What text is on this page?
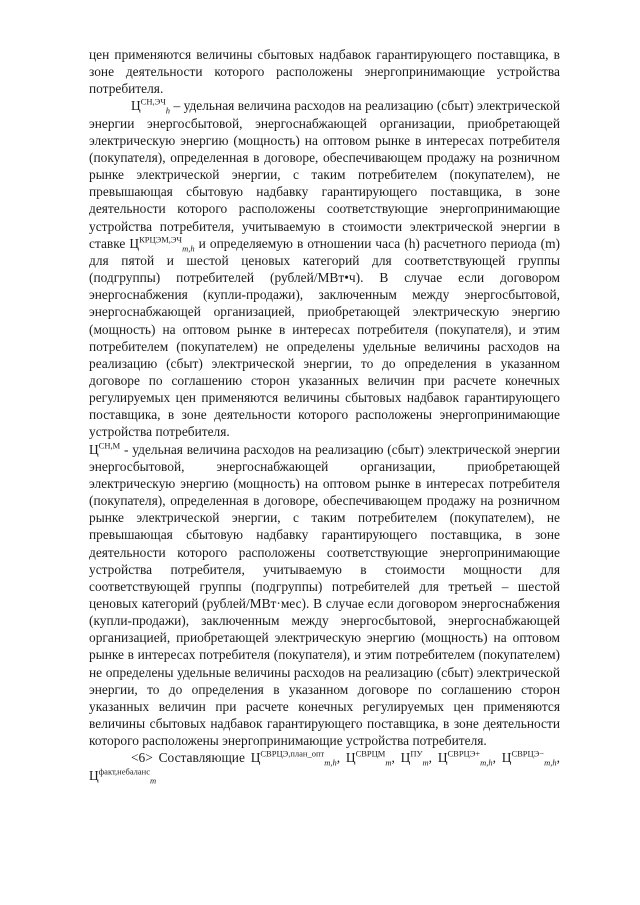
цен применяются величины сбытовых надбавок гарантирующего поставщика, в зоне деятельности которого расположены энергопринимающие устройства потребителя.

$Ц^{СН,ЭЧ}_h$ – удельная величина расходов на реализацию (сбыт) электрической энергии энергосбытовой, энергоснабжающей организации, приобретающей электрическую энергию (мощность) на оптовом рынке в интересах потребителя (покупателя), определенная в договоре, обеспечивающем продажу на розничном рынке электрической энергии, с таким потребителем (покупателем), не превышающая сбытовую надбавку гарантирующего поставщика, в зоне деятельности которого расположены соответствующие энергопринимающие устройства потребителя, учитываемую в стоимости электрической энергии в ставке $Ц^{КРЦЭМ,ЭЧ}_{m,h}$ и определяемую в отношении часа (h) расчетного периода (m) для пятой и шестой ценовых категорий для соответствующей группы (подгруппы) потребителей (рублей/МВт•ч). В случае если договором энергоснабжения (купли-продажи), заключенным между энергосбытовой, энергоснабжающей организацией, приобретающей электрическую энергию (мощность) на оптовом рынке в интересах потребителя (покупателя), и этим потребителем (покупателем) не определены удельные величины расходов на реализацию (сбыт) электрической энергии, то до определения в указанном договоре по соглашению сторон указанных величин при расчете конечных регулируемых цен применяются величины сбытовых надбавок гарантирующего поставщика, в зоне деятельности которого расположены энергопринимающие устройства потребителя.

$Ц^{СН,М}$ - удельная величина расходов на реализацию (сбыт) электрической энергии энергосбытовой, энергоснабжающей организации, приобретающей электрическую энергию (мощность) на оптовом рынке в интересах потребителя (покупателя), определенная в договоре, обеспечивающем продажу на розничном рынке электрической энергии, с таким потребителем (покупателем), не превышающая сбытовую надбавку гарантирующего поставщика, в зоне деятельности которого расположены соответствующие энергопринимающие устройства потребителя, учитываемую в стоимости мощности для соответствующей группы (подгруппы) потребителей для третьей – шестой ценовых категорий (рублей/МВт·мес). В случае если договором энергоснабжения (купли-продажи), заключенным между энергосбытовой, энергоснабжающей организацией, приобретающей электрическую энергию (мощность) на оптовом рынке в интересах потребителя (покупателя), и этим потребителем (покупателем) не определены удельные величины расходов на реализацию (сбыт) электрической энергии, то до определения в указанном договоре по соглашению сторон указанных величин при расчете конечных регулируемых цен применяются величины сбытовых надбавок гарантирующего поставщика, в зоне деятельности которого расположены энергопринимающие устройства потребителя.

<6> Составляющие $Ц^{СВРЦЭ,план\_опт}_{m,h}$, $Ц^{СВРЦМ}_m$, $Ц^{ПУ}_m$, $Ц^{СВРЦЭ+}_{m,h}$, $Ц^{СВРЦЭ-}_{m,h}$, $Ц^{факт,небаланс}_m$
